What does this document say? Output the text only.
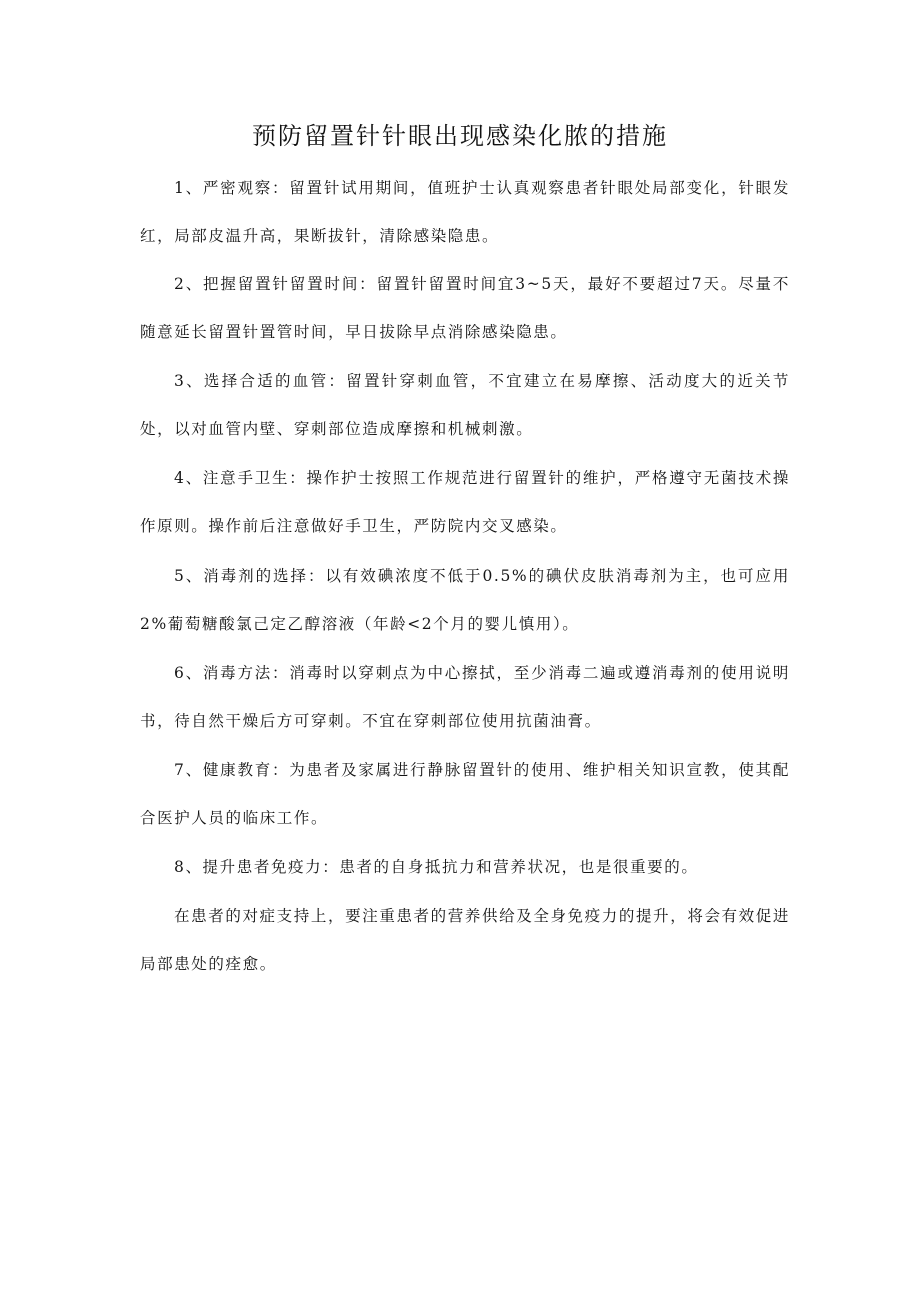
预防留置针针眼出现感染化脓的措施

1、严密观察：留置针试用期间，值班护士认真观察患者针眼处局部变化，针眼发红，局部皮温升高，果断拔针，清除感染隐患。

2、把握留置针留置时间：留置针留置时间宜3~5天，最好不要超过7天。尽量不随意延长留置针置管时间，早日拔除早点消除感染隐患。

3、选择合适的血管：留置针穿刺血管，不宜建立在易摩擦、活动度大的近关节处，以对血管内壁、穿刺部位造成摩擦和机械刺激。

4、注意手卫生：操作护士按照工作规范进行留置针的维护，严格遵守无菌技术操作原则。操作前后注意做好手卫生，严防院内交叉感染。

5、消毒剂的选择：以有效碘浓度不低于0.5%的碘伏皮肤消毒剂为主，也可应用2%葡萄糖酸氯己定乙醇溶液（年龄<2个月的婴儿慎用）。

6、消毒方法：消毒时以穿刺点为中心擦拭，至少消毒二遍或遵消毒剂的使用说明书，待自然干燥后方可穿刺。不宜在穿刺部位使用抗菌油膏。

7、健康教育：为患者及家属进行静脉留置针的使用、维护相关知识宣教，使其配合医护人员的临床工作。

8、提升患者免疫力：患者的自身抵抗力和营养状况，也是很重要的。

在患者的对症支持上，要注重患者的营养供给及全身免疫力的提升，将会有效促进局部患处的痊愈。
